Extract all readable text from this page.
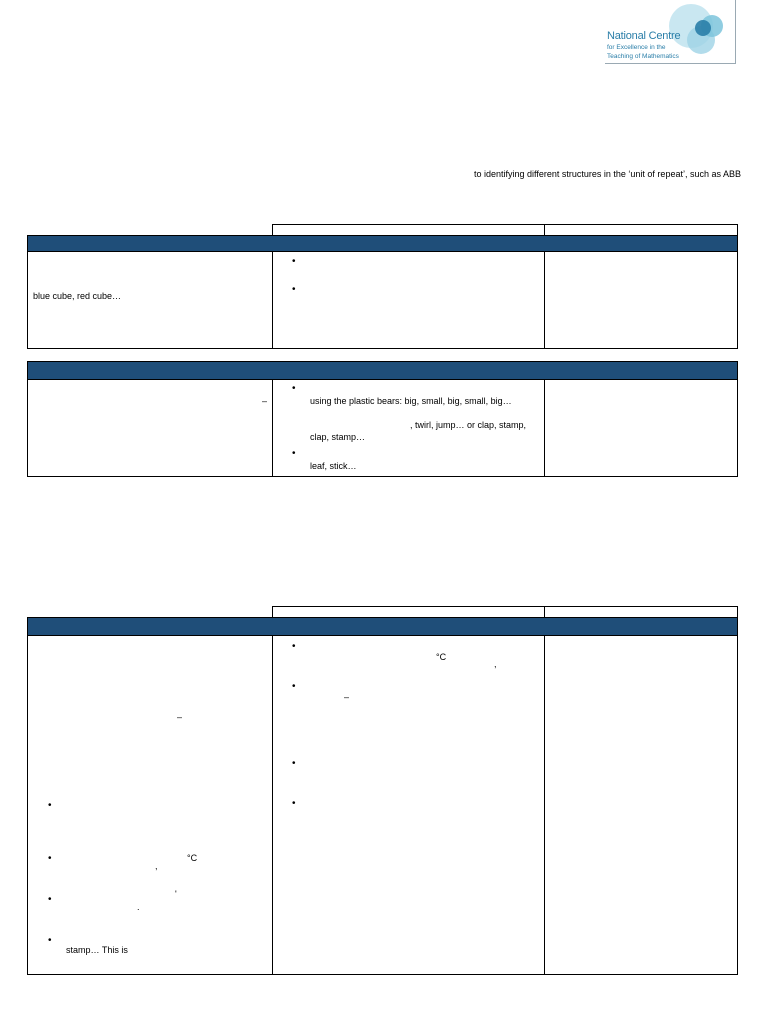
National Centre
for Excellence in the
Teaching of Mathematics
to identifying different structures in the ‘unit of repeat’, such as ABB
blue cube, red cube…
•
•
–
•
using the plastic bears: big, small, big, small, big…
, twirl, jump… or clap, stamp,
clap, stamp…
•
leaf, stick…
–
•
•	°C
,
•	'
.
•
stamp… This is
•
°C
,
•
–
•
•
